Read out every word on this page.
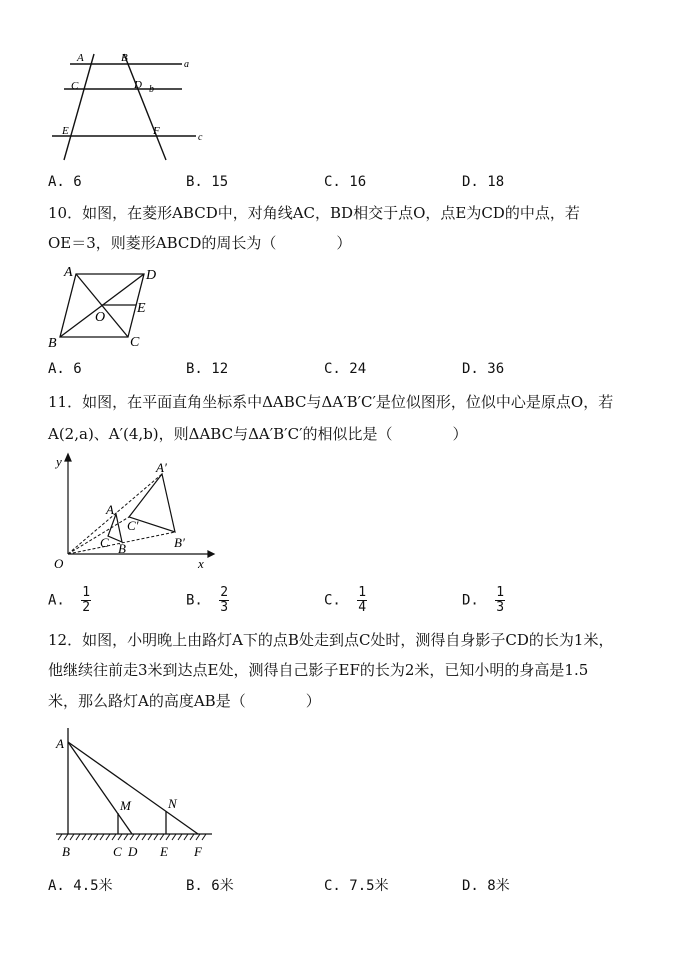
A	B
a
C	D b
E	F
c
A. 6	B. 15	C. 16	D. 18
10．如图，在菱形ABCD中，对角线AC，BD相交于点O，点E为CD的中点，若
OE＝3，则菱形ABCD的周长为（　　　　）
A	D
E
O
B	C
A. 6	B. 12	C. 24	D. 36
11．如图，在平面直角坐标系中ΔABC与ΔA′B′C′是位似图形，位似中心是原点O，若
A(2,a)、A′(4,b)，则ΔABC与ΔA′B′C′的相似比是（　　　　）
y
x
O
A
B
C
A′
B′
C′
A. $\frac{1}{2}$	B. $\frac{2}{3}$	C. $\frac{1}{4}$	D. $\frac{1}{3}$
12．如图，小明晚上由路灯A下的点B处走到点C处时，测得自身影子CD的长为1米，
他继续往前走3米到达点E处，测得自己影子EF的长为2米，已知小明的身高是1.5
米，那么路灯A的高度AB是（　　　　）
A
M	N
B	C D E F
A. 4.5米	B. 6米	C. 7.5米	D. 8米
